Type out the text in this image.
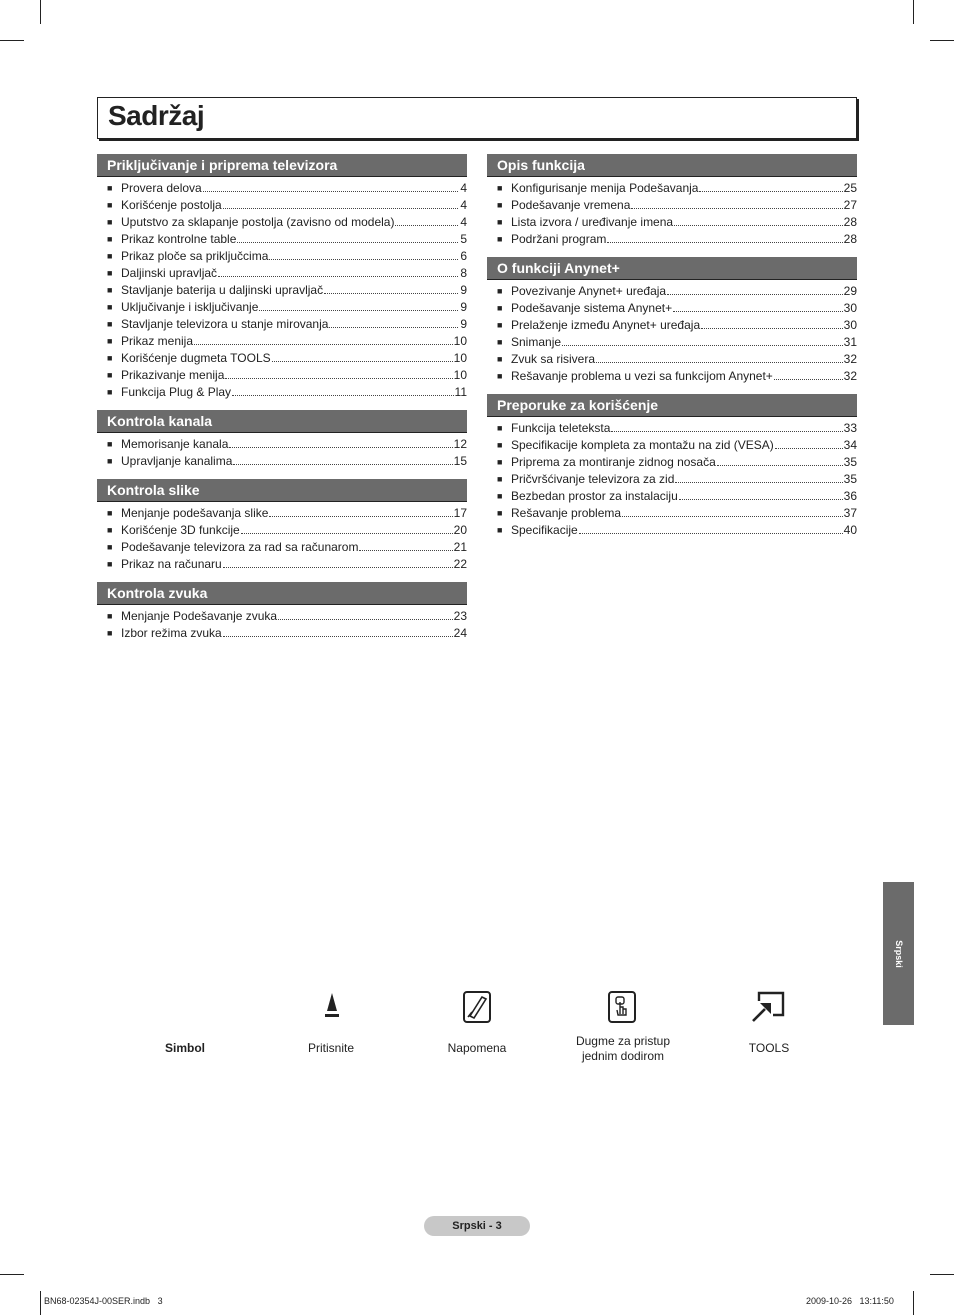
Sadržaj
Priključivanje i priprema televizora
■ Provera delova	4
■ Korišćenje postolja	4
■ Uputstvo za sklapanje postolja (zavisno od modela)	4
■ Prikaz kontrolne table	5
■ Prikaz ploče sa priključcima	6
■ Daljinski upravljač	8
■ Stavljanje baterija u daljinski upravljač	9
■ Uključivanje i isključivanje	9
■ Stavljanje televizora u stanje mirovanja	9
■ Prikaz menija	10
■ Korišćenje dugmeta TOOLS	10
■ Prikazivanje menija	10
■ Funkcija Plug & Play	11
Kontrola kanala
■ Memorisanje kanala	12
■ Upravljanje kanalima	15
Kontrola slike
■ Menjanje podešavanja slike	17
■ Korišćenje 3D funkcije	20
■ Podešavanje televizora za rad sa računarom	21
■ Prikaz na računaru	22
Kontrola zvuka
■ Menjanje Podešavanje zvuka	23
■ Izbor režima zvuka	24
Opis funkcija
■ Konfigurisanje menija Podešavanja	25
■ Podešavanje vremena	27
■ Lista izvora / uređivanje imena	28
■ Podržani program	28
O funkciji Anynet+
■ Povezivanje Anynet+ uređaja	29
■ Podešavanje sistema Anynet+	30
■ Prelaženje između Anynet+ uređaja	30
■ Snimanje	31
■ Zvuk sa risivera	32
■ Rešavanje problema u vezi sa funkcijom Anynet+	32
Preporuke za korišćenje
■ Funkcija teleteksta	33
■ Specifikacije kompleta za montažu na zid (VESA)	34
■ Priprema za montiranje zidnog nosača	35
■ Pričvršćivanje televizora za zid	35
■ Bezbedan prostor za instalaciju	36
■ Rešavanje problema	37
■ Specifikacije	40
Srpski
Simbol	Pritisnite	Napomena	Dugme za pristup
jednim dodirom
TOOLS
Srpski - 3
BN68-02354J-00SER.indb   3	2009-10-26   13:11:50
